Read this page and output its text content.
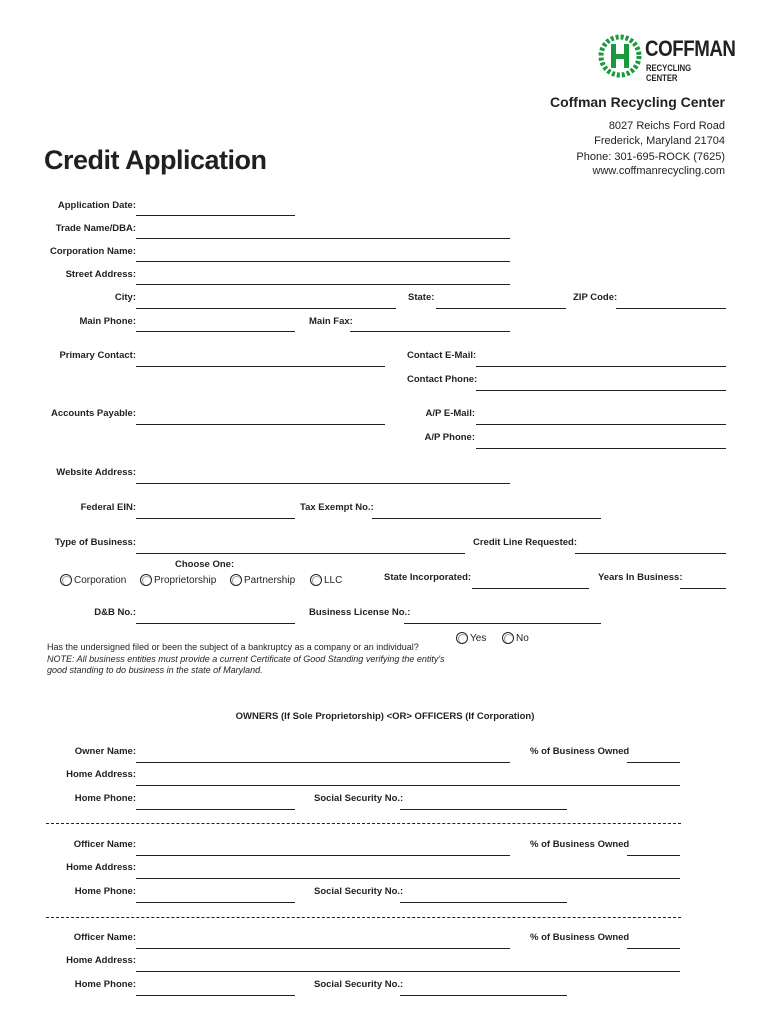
COFFMAN
RECYCLING CENTER
Coffman Recycling Center
8027 Reichs Ford Road
Frederick, Maryland 21704
Phone: 301-695-ROCK (7625)
www.coffmanrecycling.com
Credit Application
Application Date:
Trade Name/DBA:
Corporation Name:
Street Address:
City:	State:	ZIP Code:
Main Phone:	Main Fax:
Primary Contact:	Contact E-Mail:
Contact Phone:
Accounts Payable:	A/P E-Mail:
A/P Phone:
Website Address:
Federal EIN:	Tax Exempt No.:
Type of Business:	Credit Line Requested:
Choose One:
Corporation	Proprietorship	Partnership	LLC	State Incorporated:	Years In Business:
D&B No.:	Business License No.:
Has the undersigned filed or been the subject of a bankruptcy as a company or an individual?
Yes	No
NOTE: All business entities must provide a current Certificate of Good Standing verifying the entity's
good standing to do business in the state of Maryland.
OWNERS (If Sole Proprietorship) <OR> OFFICERS (If Corporation)
Owner Name:	% of Business Owned
Home Address:
Home Phone:	Social Security No.:
Officer Name:	% of Business Owned
Home Address:
Home Phone:	Social Security No.:
Officer Name:	% of Business Owned
Home Address:
Home Phone:	Social Security No.:
